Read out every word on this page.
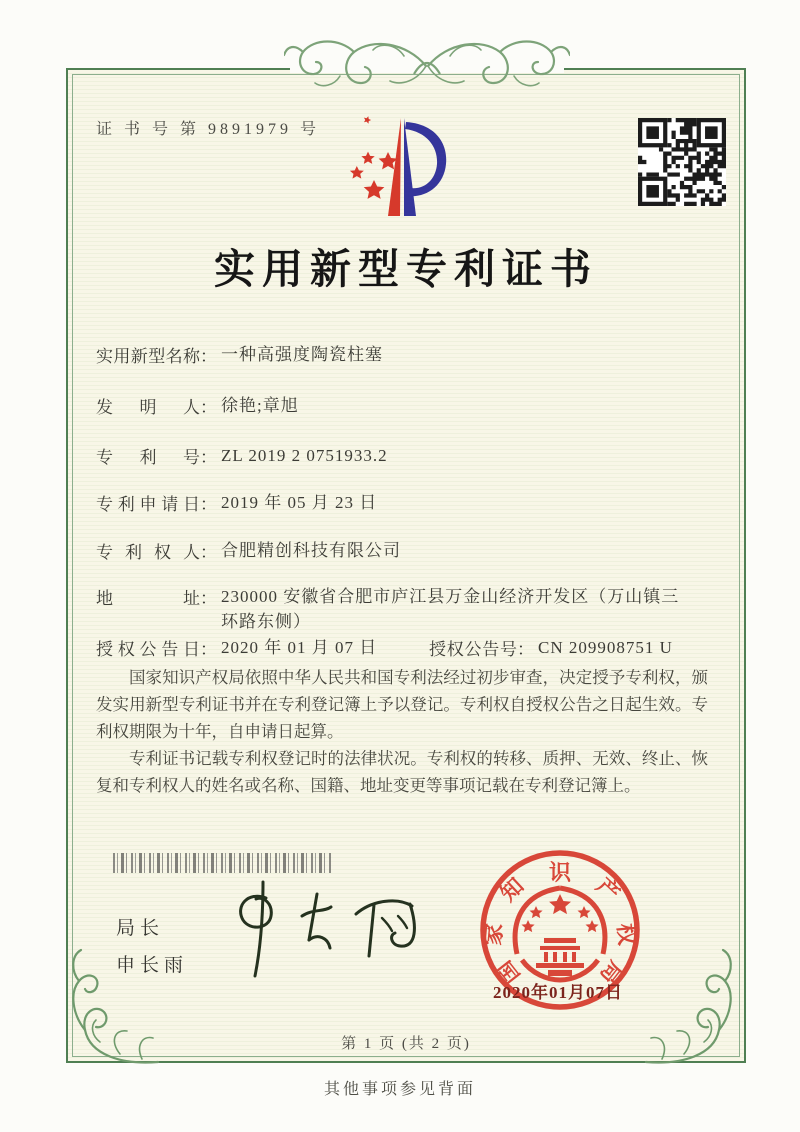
证 书 号 第 9891979 号
实用新型专利证书
实用新型名称： 一种高强度陶瓷柱塞
发明人： 徐艳;章旭
专利号： ZL 2019 2 0751933.2
专利申请日： 2019 年 05 月 23 日
专利权人： 合肥精创科技有限公司
地址： 230000 安徽省合肥市庐江县万金山经济开发区（万山镇三环路东侧）
授权公告日： 2020 年 01 月 07 日	授权公告号： CN 209908751 U

国家知识产权局依照中华人民共和国专利法经过初步审查，决定授予专利权，颁发实用新型专利证书并在专利登记簿上予以登记。专利权自授权公告之日起生效。专利权期限为十年，自申请日起算。

专利证书记载专利权登记时的法律状况。专利权的转移、质押、无效、终止、恢复和专利权人的姓名或名称、国籍、地址变更等事项记载在专利登记簿上。

局长
申长雨	国
家
知
识
产
权
局
第 1 页 (共 2 页)
2020年01月07日
其他事项参见背面
